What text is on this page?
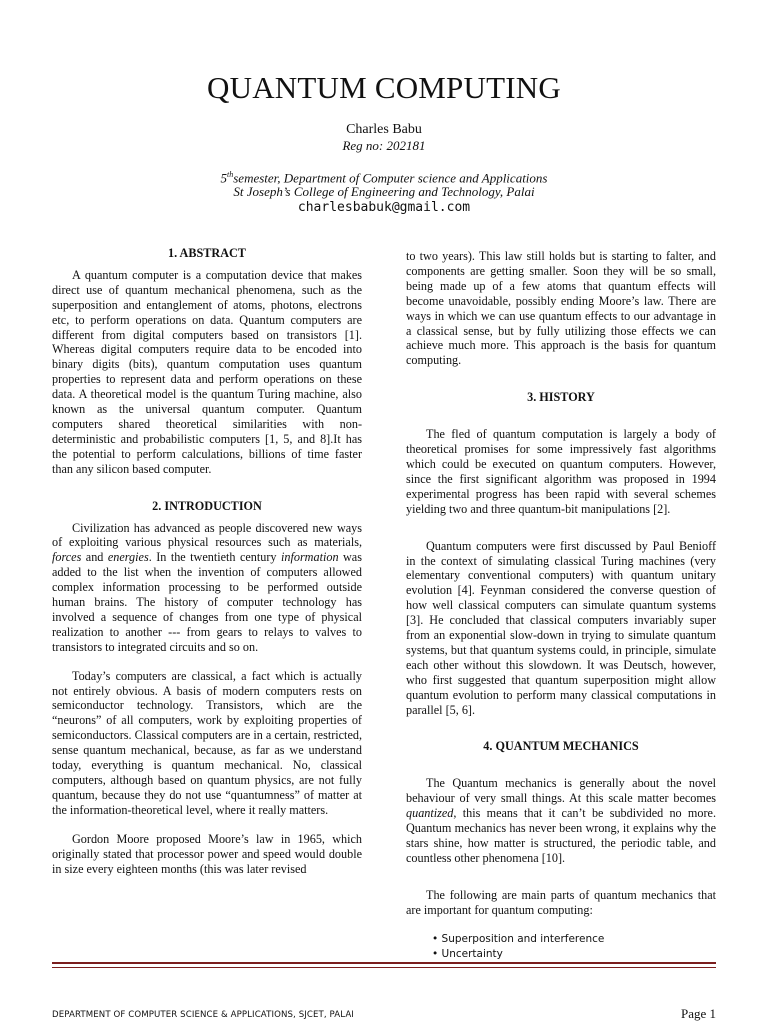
QUANTUM COMPUTING
Charles Babu
Reg no: 202181
5thsemester, Department of Computer science and Applications
St Joseph’s College of Engineering and Technology, Palai
charlesbabuk@gmail.com
1. ABSTRACT

A quantum computer is a computation device that makes direct use of quantum mechanical phenomena, such as the superposition and entanglement of atoms, photons, electrons etc, to perform operations on data. Quantum computers are different from digital computers based on transistors [1]. Whereas digital computers require data to be encoded into binary digits (bits), quantum computation uses quantum properties to represent data and perform operations on these data. A theoretical model is the quantum Turing machine, also known as the universal quantum computer. Quantum computers shared theoretical similarities with non-deterministic and probabilistic computers [1, 5, and 8].It has the potential to perform calculations, billions of time faster than any silicon based computer.

2. INTRODUCTION

Civilization has advanced as people discovered new ways of exploiting various physical resources such as materials, forces and energies. In the twentieth century information was added to the list when the invention of computers allowed complex information processing to be performed outside human brains. The history of computer technology has involved a sequence of changes from one type of physical realization to another --- from gears to relays to valves to transistors to integrated circuits and so on.

Today’s computers are classical, a fact which is actually not entirely obvious. A basis of modern computers rests on semiconductor technology. Transistors, which are the “neurons” of all computers, work by exploiting properties of semiconductors. Classical computers are in a certain, restricted, sense quantum mechanical, because, as far as we understand today, everything is quantum mechanical. No, classical computers, although based on quantum physics, are not fully quantum, because they do not use “quantumness” of matter at the information-theoretical level, where it really matters.

Gordon Moore proposed Moore’s law in 1965, which originally stated that processor power and speed would double in size every eighteen months (this was later revised

to two years). This law still holds but is starting to falter, and components are getting smaller. Soon they will be so small, being made up of a few atoms that quantum effects will become unavoidable, possibly ending Moore’s law. There are ways in which we can use quantum effects to our advantage in a classical sense, but by fully utilizing those effects we can achieve much more. This approach is the basis for quantum computing.

3. HISTORY

The fled of quantum computation is largely a body of theoretical promises for some impressively fast algorithms which could be executed on quantum computers. However, since the first significant algorithm was proposed in 1994 experimental progress has been rapid with several schemes yielding two and three quantum-bit manipulations [2].

Quantum computers were first discussed by Paul Benioff in the context of simulating classical Turing machines (very elementary conventional computers) with quantum unitary evolution [4]. Feynman considered the converse question of how well classical computers can simulate quantum systems [3]. He concluded that classical computers invariably super from an exponential slow-down in trying to simulate quantum systems, but that quantum systems could, in principle, simulate each other without this slowdown. It was Deutsch, however, who first suggested that quantum superposition might allow quantum evolution to perform many classical computations in parallel [5, 6].

4. QUANTUM MECHANICS

The Quantum mechanics is generally about the novel behaviour of very small things. At this scale matter becomes quantized, this means that it can’t be subdivided no more. Quantum mechanics has never been wrong, it explains why the stars shine, how matter is structured, the periodic table, and countless other phenomena [10].

The following are main parts of quantum mechanics that are important for quantum computing:

• Superposition and interference
• Uncertainty
DEPARTMENT OF COMPUTER SCIENCE & APPLICATIONS, SJCET, PALAI	Page 1
